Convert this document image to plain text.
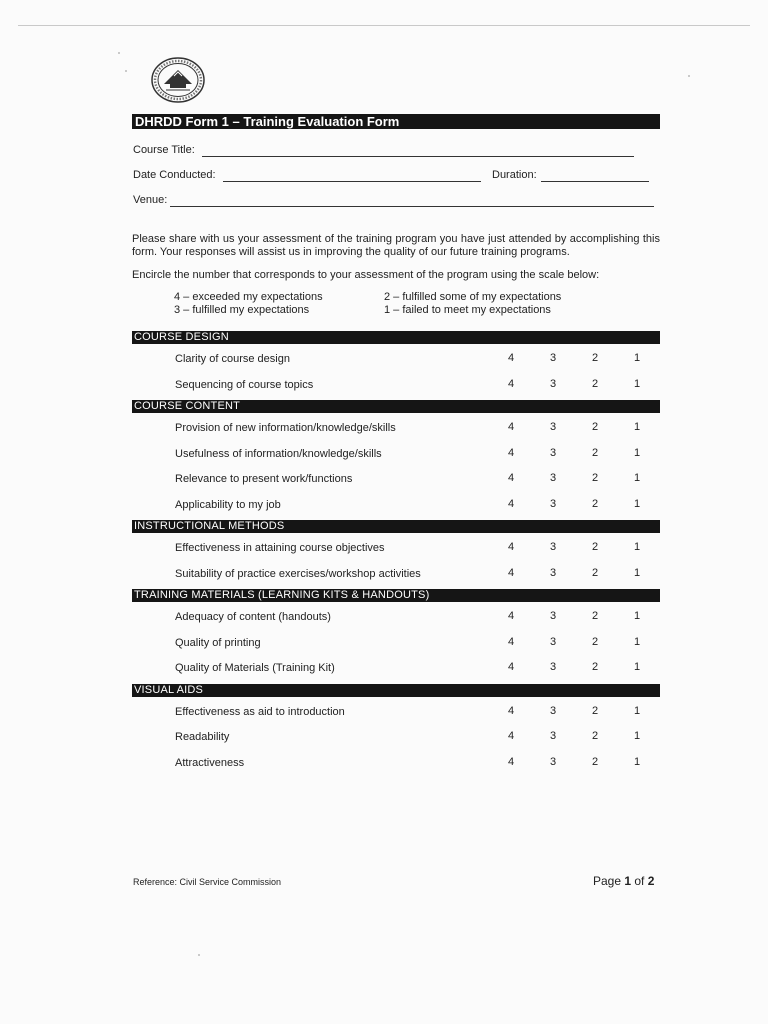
DHRDD Form 1 – Training Evaluation Form
Course Title:
Date Conducted:	Duration:
Venue:
Please share with us your assessment of the training program you have just attended by accomplishing this form. Your responses will assist us in improving the quality of our future training programs.
Encircle the number that corresponds to your assessment of the program using the scale below:
4 – exceeded my expectations	2 – fulfilled some of my expectations
3 – fulfilled my expectations	1 – failed to meet my expectations
COURSE DESIGN
Clarity of course design	4	3	2	1
Sequencing of course topics	4	3	2	1
COURSE CONTENT
Provision of new information/knowledge/skills	4	3	2	1
Usefulness of information/knowledge/skills	4	3	2	1
Relevance to present work/functions	4	3	2	1
Applicability to my job	4	3	2	1
INSTRUCTIONAL METHODS
Effectiveness in attaining course objectives	4	3	2	1
Suitability of practice exercises/workshop activities	4	3	2	1
TRAINING MATERIALS (LEARNING KITS & HANDOUTS)
Adequacy of content (handouts)	4	3	2	1
Quality of printing	4	3	2	1
Quality of Materials (Training Kit)	4	3	2	1
VISUAL AIDS
Effectiveness as aid to introduction	4	3	2	1
Readability	4	3	2	1
Attractiveness	4	3	2	1
Reference: Civil Service Commission	Page 1 of 2
